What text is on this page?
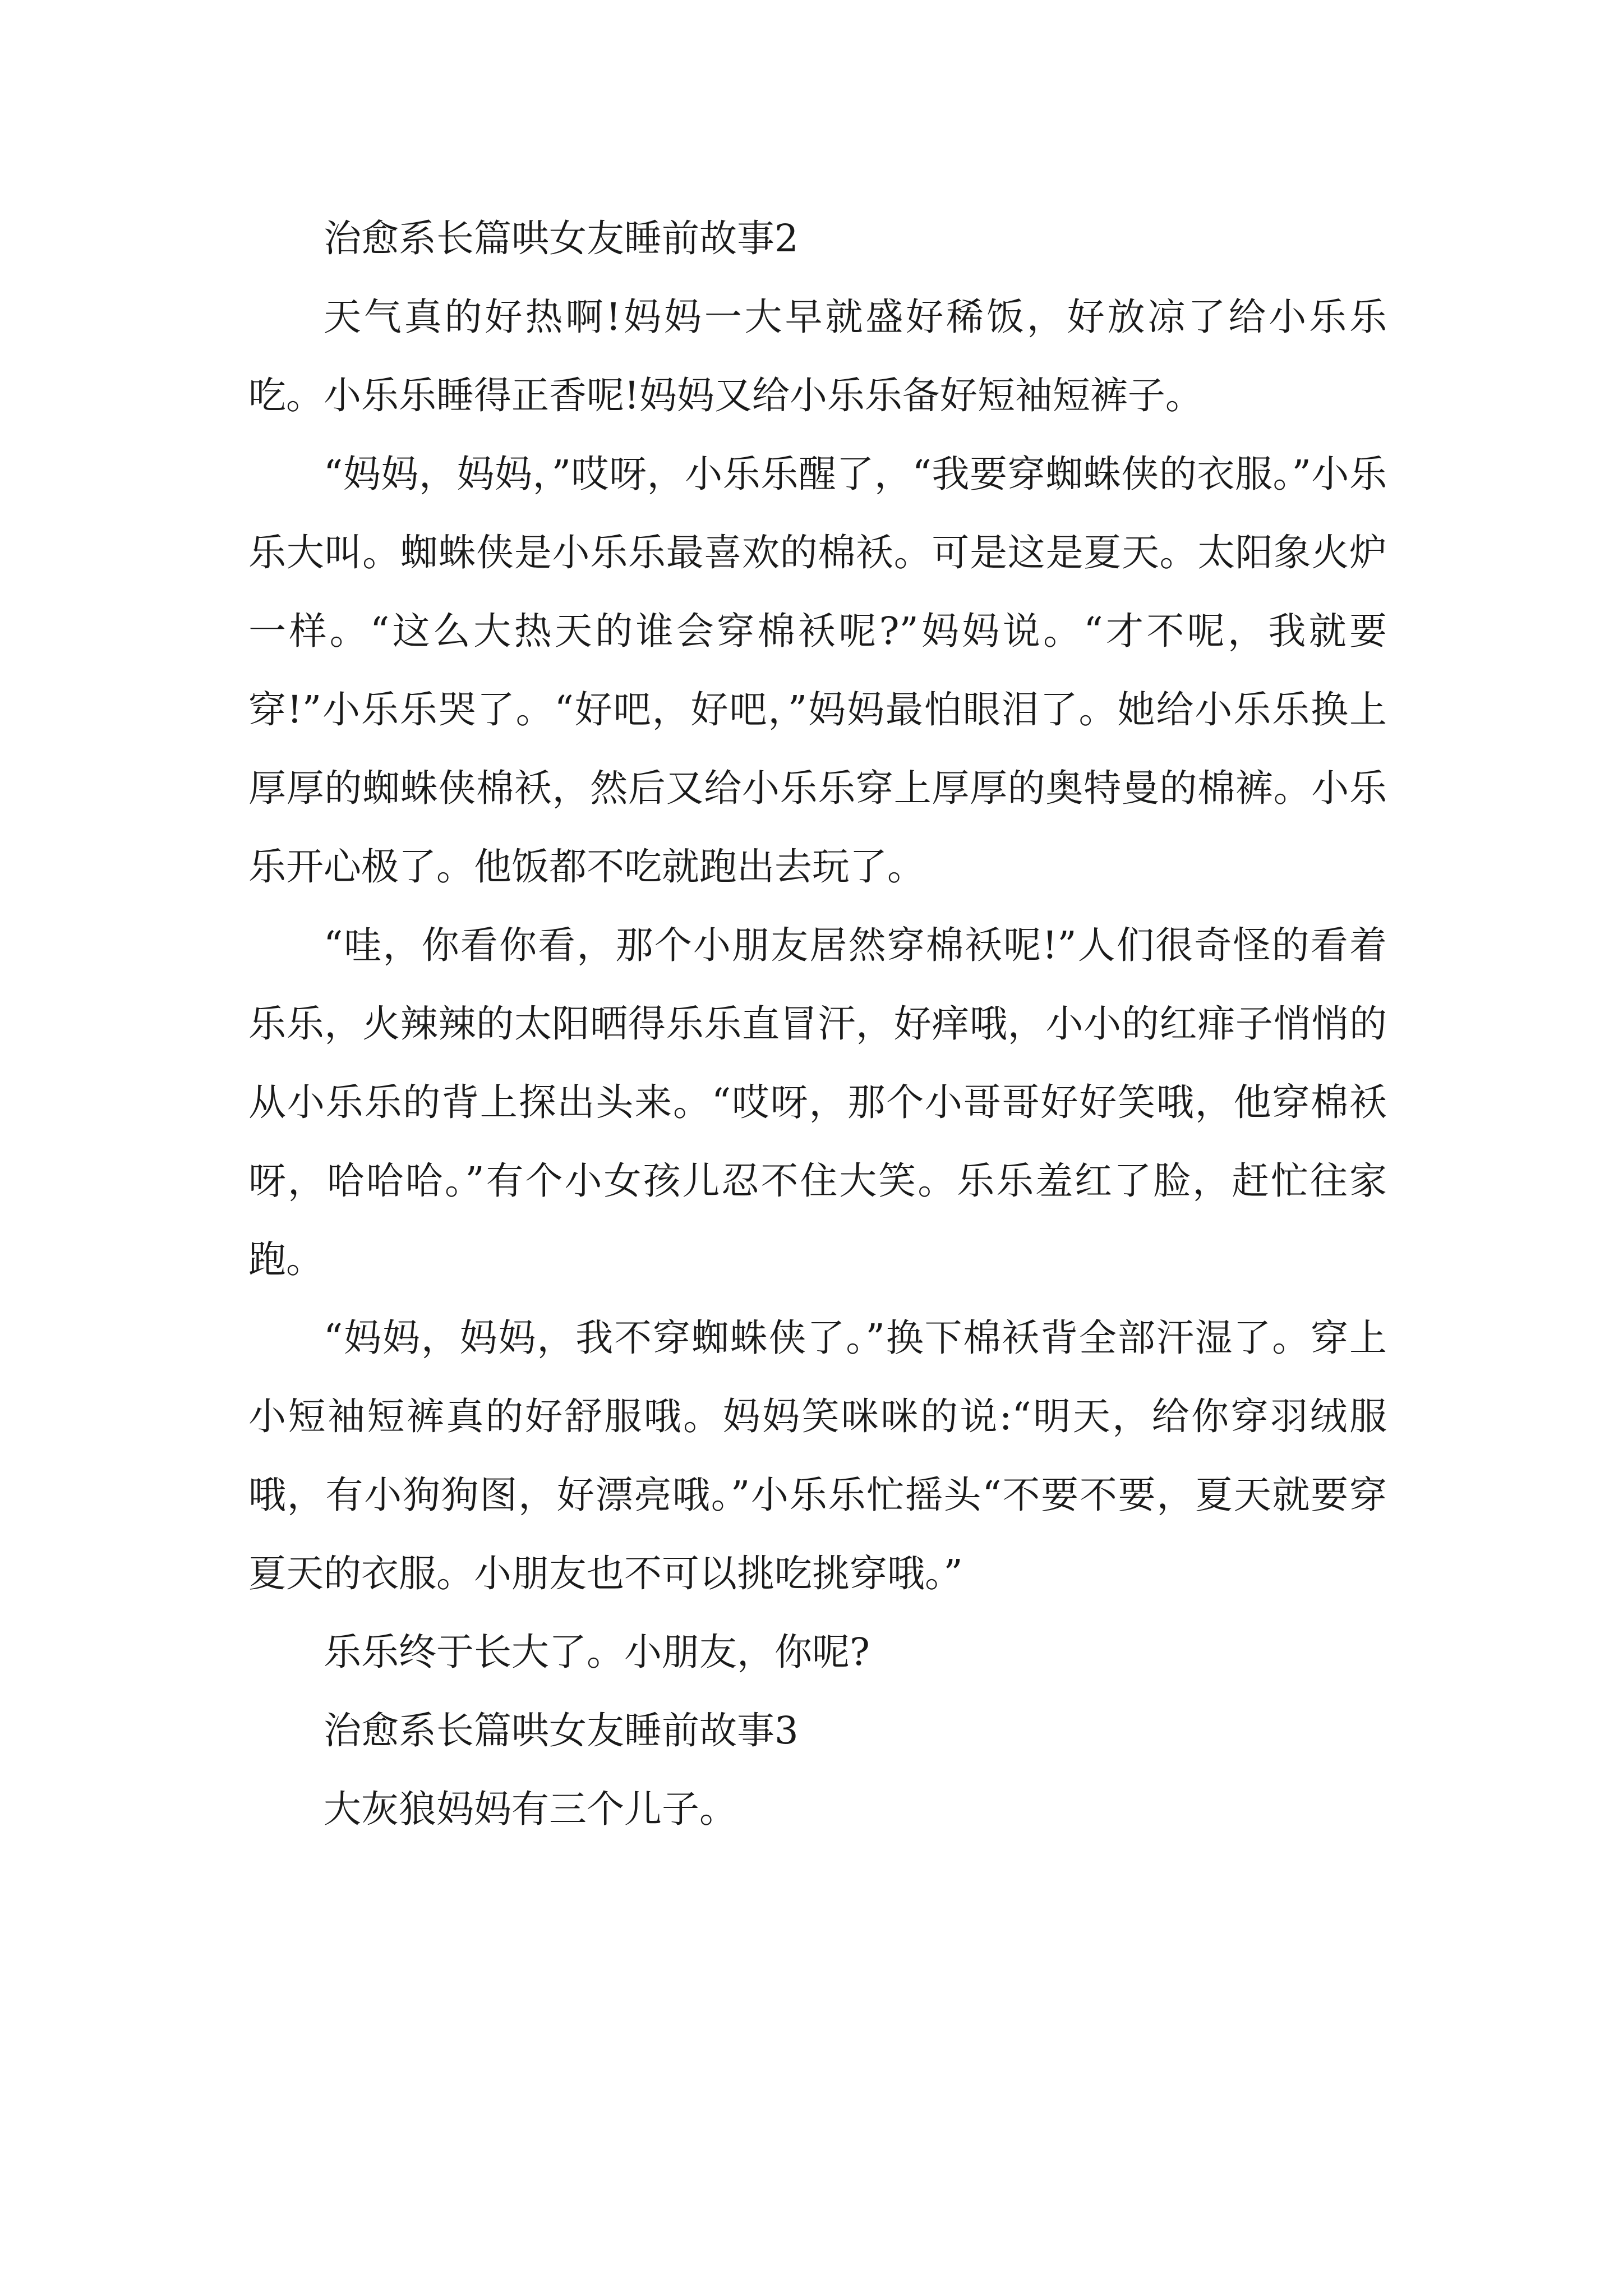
治愈系长篇哄女友睡前故事2

天气真的好热啊!妈妈一大早就盛好稀饭，好放凉了给小乐乐吃。小乐乐睡得正香呢!妈妈又给小乐乐备好短袖短裤子。

“妈妈，妈妈，”哎呀，小乐乐醒了，“我要穿蜘蛛侠的衣服。”小乐乐大叫。蜘蛛侠是小乐乐最喜欢的棉袄。可是这是夏天。太阳象火炉一样。“这么大热天的谁会穿棉袄呢?”妈妈说。“才不呢，我就要穿!”小乐乐哭了。“好吧，好吧，”妈妈最怕眼泪了。她给小乐乐换上厚厚的蜘蛛侠棉袄，然后又给小乐乐穿上厚厚的奥特曼的棉裤。小乐乐开心极了。他饭都不吃就跑出去玩了。

“哇，你看你看，那个小朋友居然穿棉袄呢!”人们很奇怪的看着乐乐，火辣辣的太阳晒得乐乐直冒汗，好痒哦，小小的红痱子悄悄的从小乐乐的背上探出头来。“哎呀，那个小哥哥好好笑哦，他穿棉袄呀，哈哈哈。”有个小女孩儿忍不住大笑。乐乐羞红了脸，赶忙往家跑。

“妈妈，妈妈，我不穿蜘蛛侠了。”换下棉袄背全部汗湿了。穿上小短袖短裤真的好舒服哦。妈妈笑咪咪的说:“明天，给你穿羽绒服哦，有小狗狗图，好漂亮哦。”小乐乐忙摇头“不要不要，夏天就要穿夏天的衣服。小朋友也不可以挑吃挑穿哦。”

乐乐终于长大了。小朋友，你呢?

治愈系长篇哄女友睡前故事3

大灰狼妈妈有三个儿子。
